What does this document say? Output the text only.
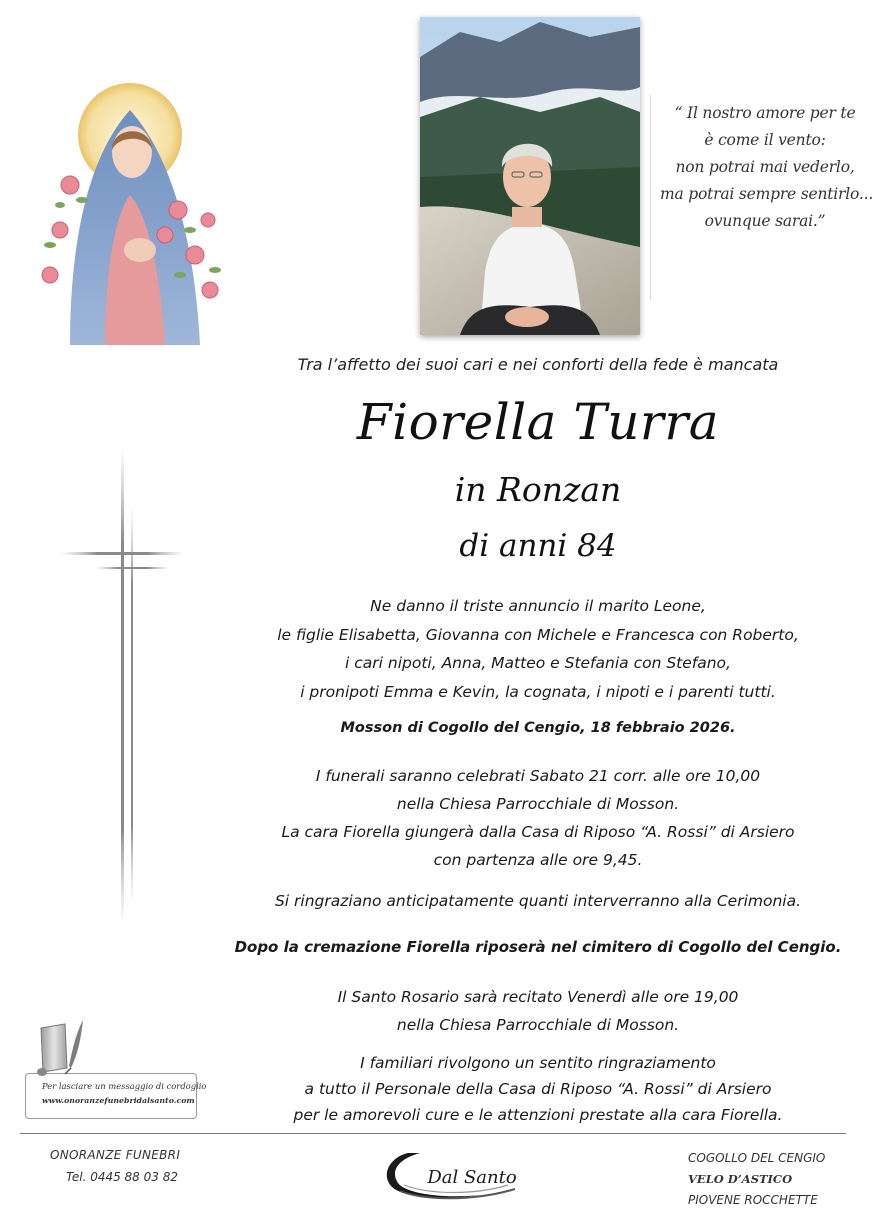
“ Il nostro amore per te
è come il vento:
non potrai mai vederlo,
ma potrai sempre sentirlo...
ovunque sarai.”
Tra l’affetto dei suoi cari e nei conforti della fede è mancata
Fiorella Turra
in Ronzan
di anni 84
Ne danno il triste annuncio il marito Leone,
le figlie Elisabetta, Giovanna con Michele e Francesca con Roberto,
i cari nipoti, Anna, Matteo e Stefania con Stefano,
i pronipoti Emma e Kevin, la cognata, i nipoti e i parenti tutti.
Mosson di Cogollo del Cengio, 18 febbraio 2026.
I funerali saranno celebrati Sabato 21 corr. alle ore 10,00
nella Chiesa Parrocchiale di Mosson.
La cara Fiorella giungerà dalla Casa di Riposo “A. Rossi” di Arsiero
con partenza alle ore 9,45.
Si ringraziano anticipatamente quanti interverranno alla Cerimonia.
Dopo la cremazione Fiorella riposerà nel cimitero di Cogollo del Cengio.
Il Santo Rosario sarà recitato Venerdì alle ore 19,00
nella Chiesa Parrocchiale di Mosson.
I familiari rivolgono un sentito ringraziamento
a tutto il Personale della Casa di Riposo “A. Rossi” di Arsiero
per le amorevoli cure e le attenzioni prestate alla cara Fiorella.
Per lasciare un messaggio di cordoglio
www.onoranzefunebridalsanto.com
ONORANZE FUNEBRI
Tel. 0445 88 03 82	Dal Santo
COGOLLO DEL CENGIO
VELO D’ASTICO
PIOVENE ROCCHETTE
